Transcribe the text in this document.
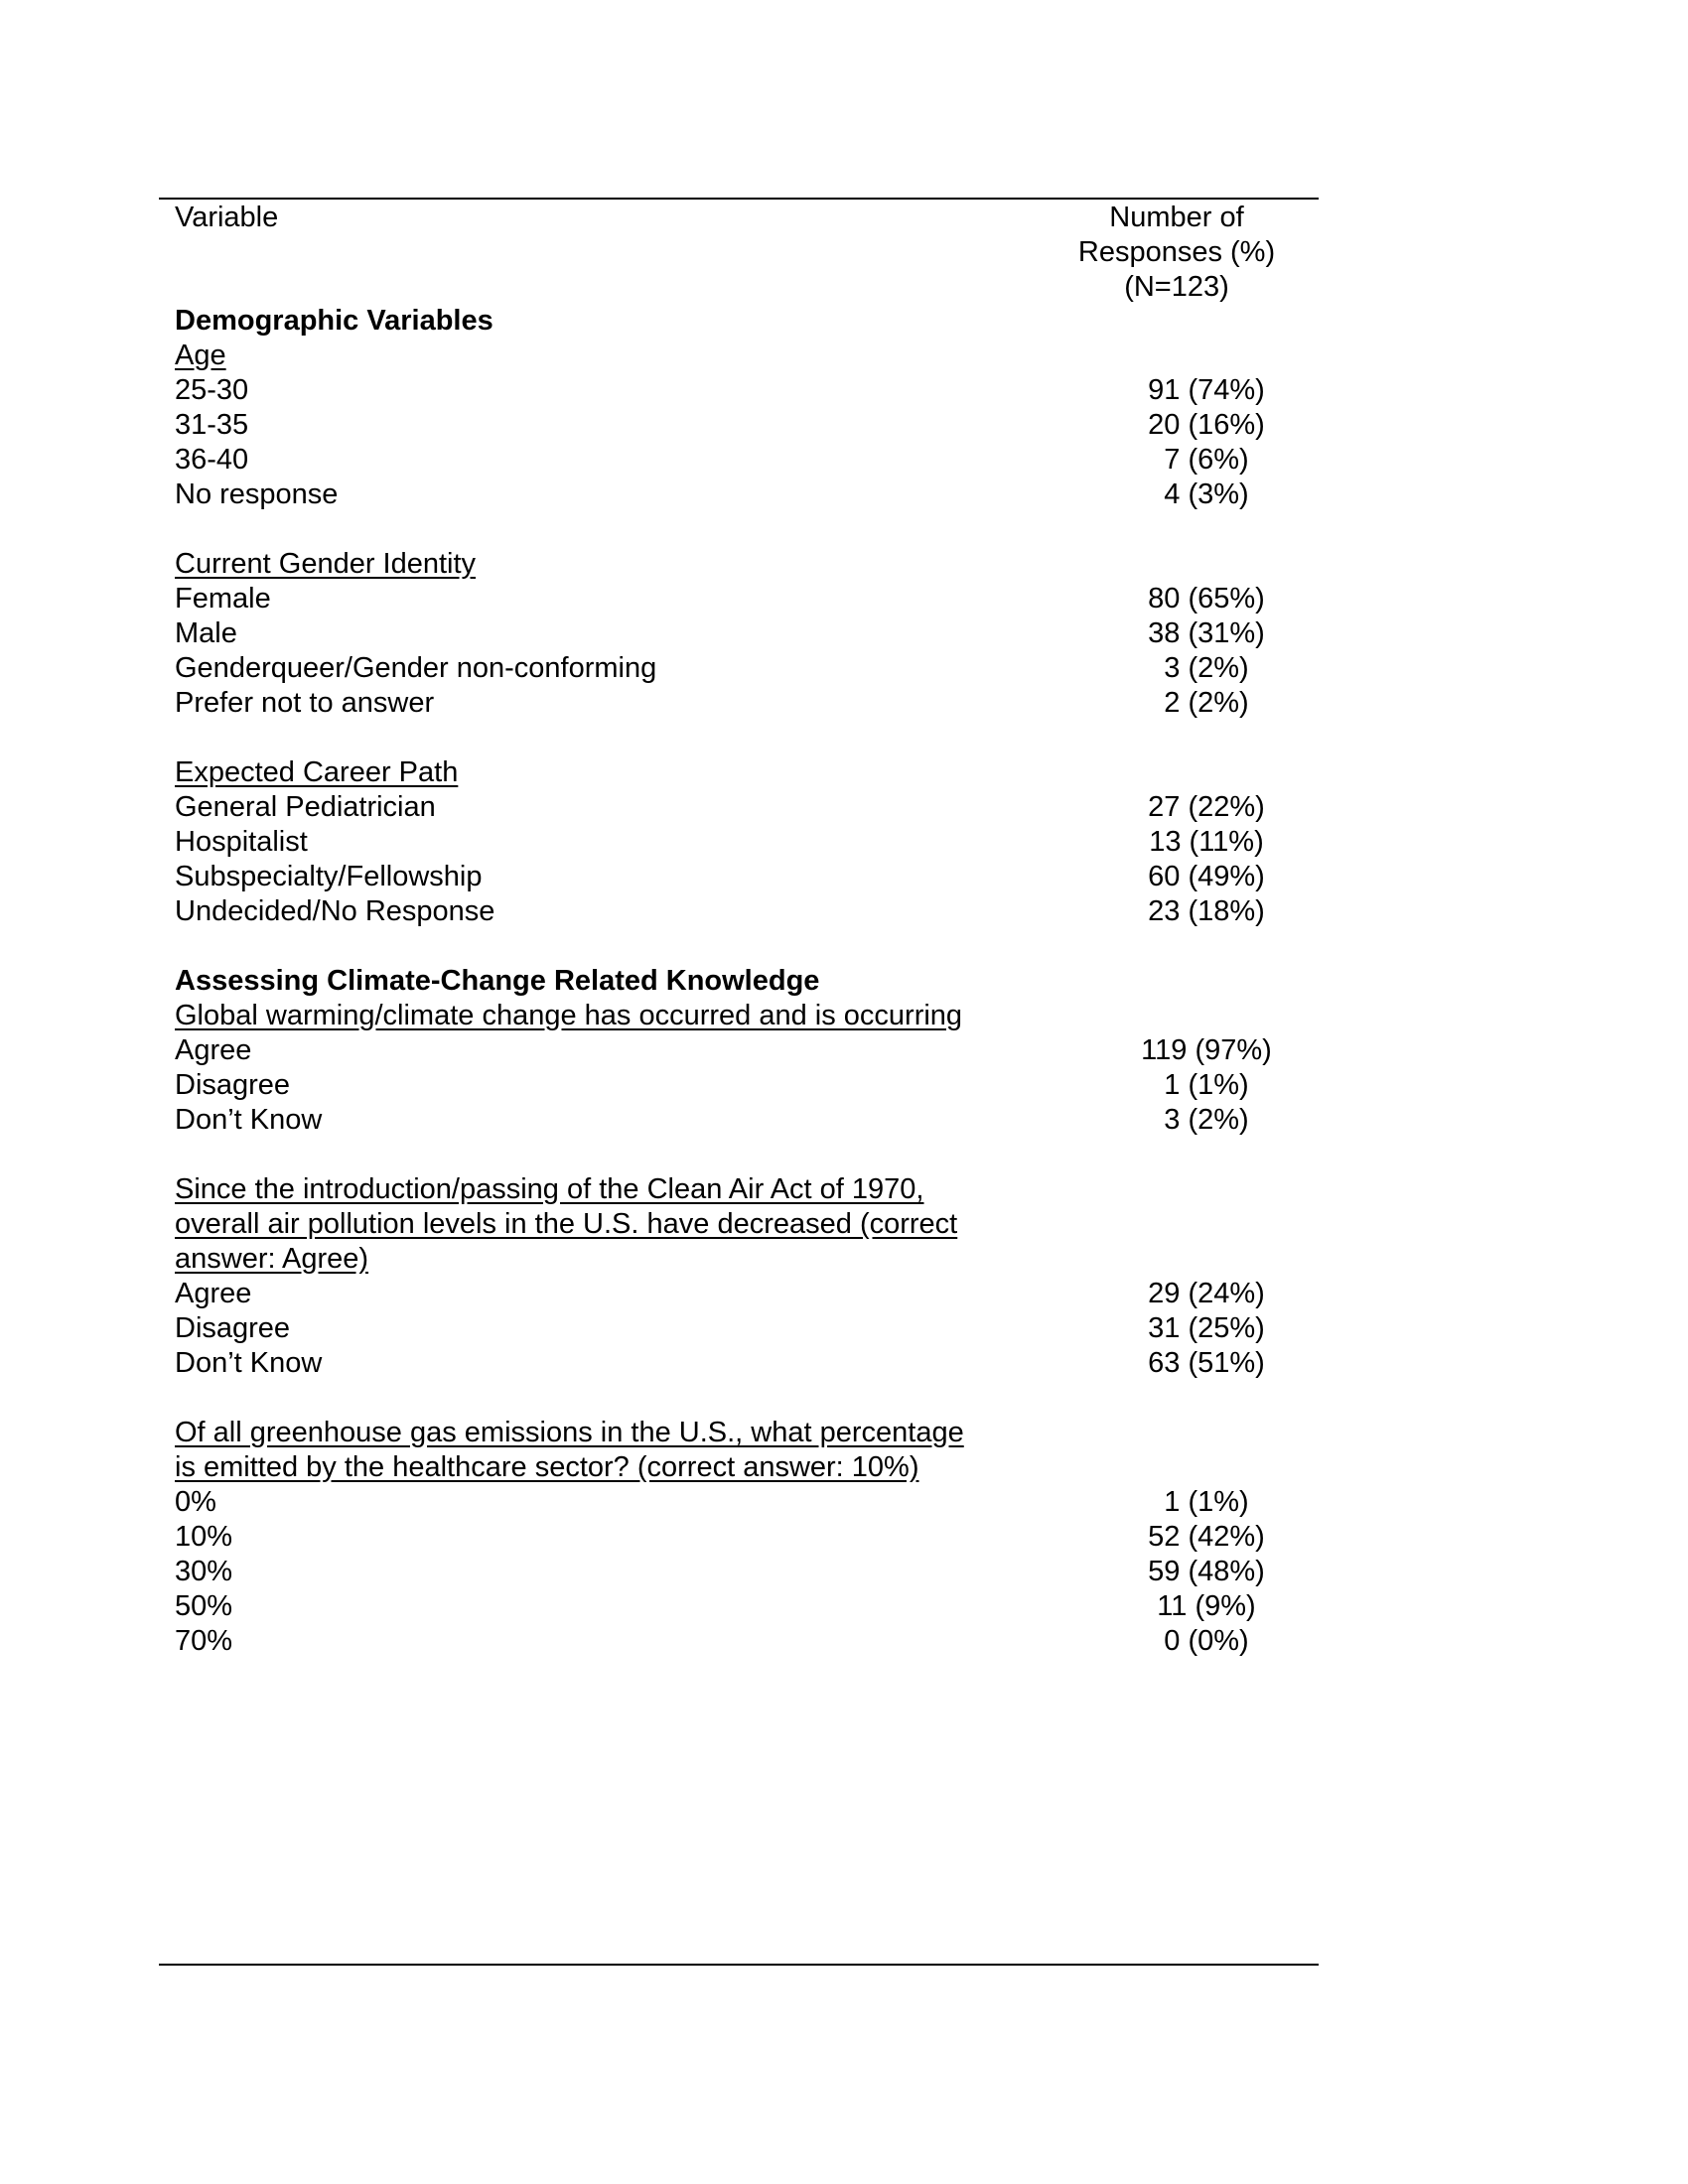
Variable	Number of
Responses (%)
(N=123)
Demographic Variables
Age
25-30	91 (74%)
31-35	20 (16%)
36-40	7 (6%)
No response	4 (3%)
Current Gender Identity
Female	80 (65%)
Male	38 (31%)
Genderqueer/Gender non-conforming	3 (2%)
Prefer not to answer	2 (2%)
Expected Career Path
General Pediatrician	27 (22%)
Hospitalist	13 (11%)
Subspecialty/Fellowship	60 (49%)
Undecided/No Response	23 (18%)
Assessing Climate-Change Related Knowledge
Global warming/climate change has occurred and is occurring
Agree	119 (97%)
Disagree	1 (1%)
Don’t Know	3 (2%)
Since the introduction/passing of the Clean Air Act of 1970,
overall air pollution levels in the U.S. have decreased (correct
answer: Agree)
Agree	29 (24%)
Disagree	31 (25%)
Don’t Know	63 (51%)
Of all greenhouse gas emissions in the U.S., what percentage
is emitted by the healthcare sector? (correct answer: 10%)
0%	1 (1%)
10%	52 (42%)
30%	59 (48%)
50%	11 (9%)
70%	0 (0%)
